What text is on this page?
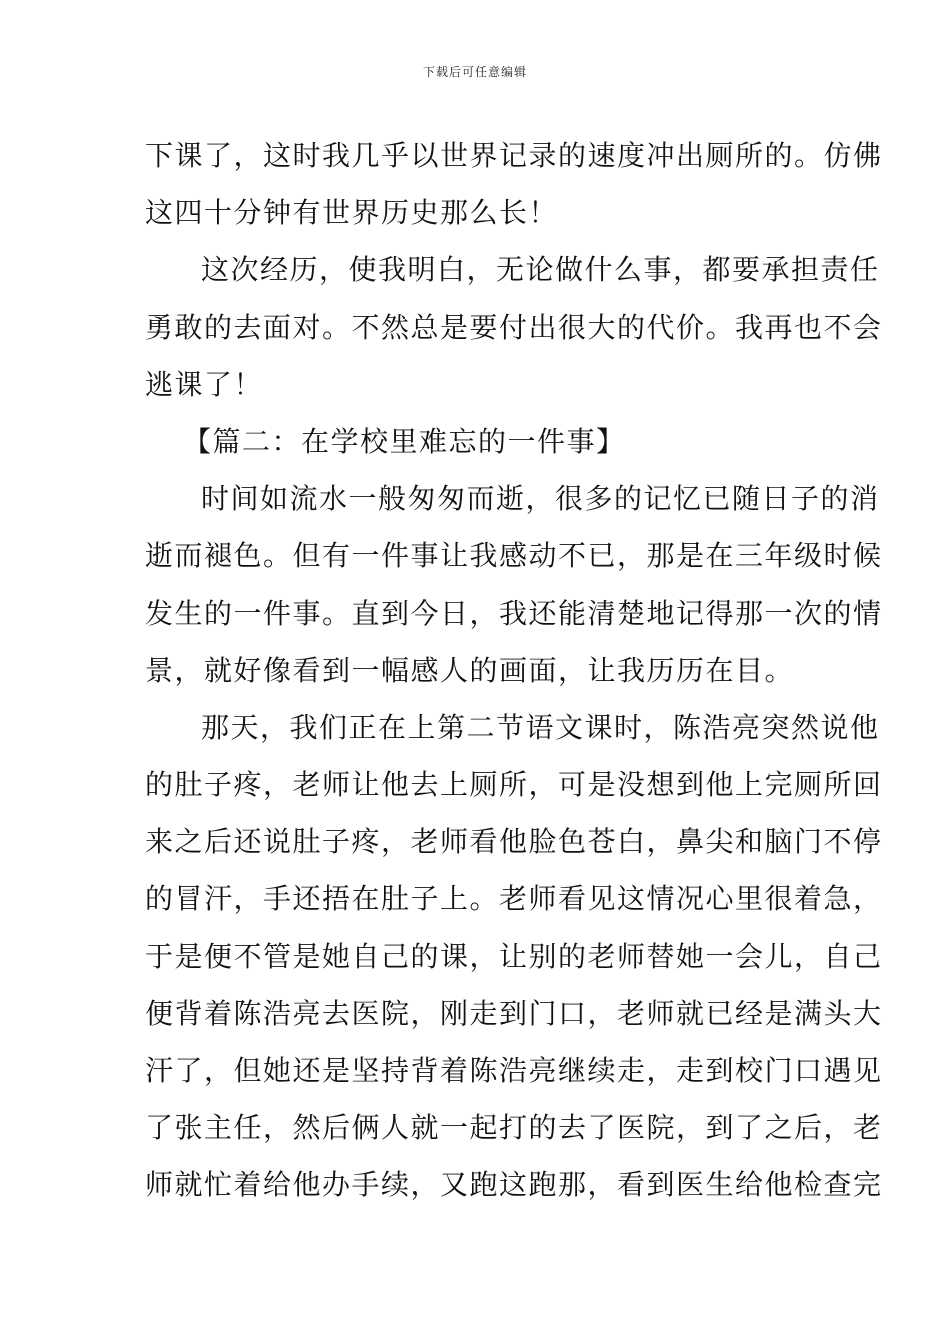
下载后可任意编辑
下课了，这时我几乎以世界记录的速度冲出厕所的。仿佛
这四十分钟有世界历史那么长！
这次经历，使我明白，无论做什么事，都要承担责任
勇敢的去面对。不然总是要付出很大的代价。我再也不会
逃课了！
【篇二：在学校里难忘的一件事】
时间如流水一般匆匆而逝，很多的记忆已随日子的消
逝而褪色。但有一件事让我感动不已，那是在三年级时候
发生的一件事。直到今日，我还能清楚地记得那一次的情
景，就好像看到一幅感人的画面，让我历历在目。
那天，我们正在上第二节语文课时，陈浩亮突然说他
的肚子疼，老师让他去上厕所，可是没想到他上完厕所回
来之后还说肚子疼，老师看他脸色苍白，鼻尖和脑门不停
的冒汗，手还捂在肚子上。老师看见这情况心里很着急，
于是便不管是她自己的课，让别的老师替她一会儿，自己
便背着陈浩亮去医院，刚走到门口，老师就已经是满头大
汗了，但她还是坚持背着陈浩亮继续走，走到校门口遇见
了张主任，然后俩人就一起打的去了医院，到了之后，老
师就忙着给他办手续，又跑这跑那，看到医生给他检查完
